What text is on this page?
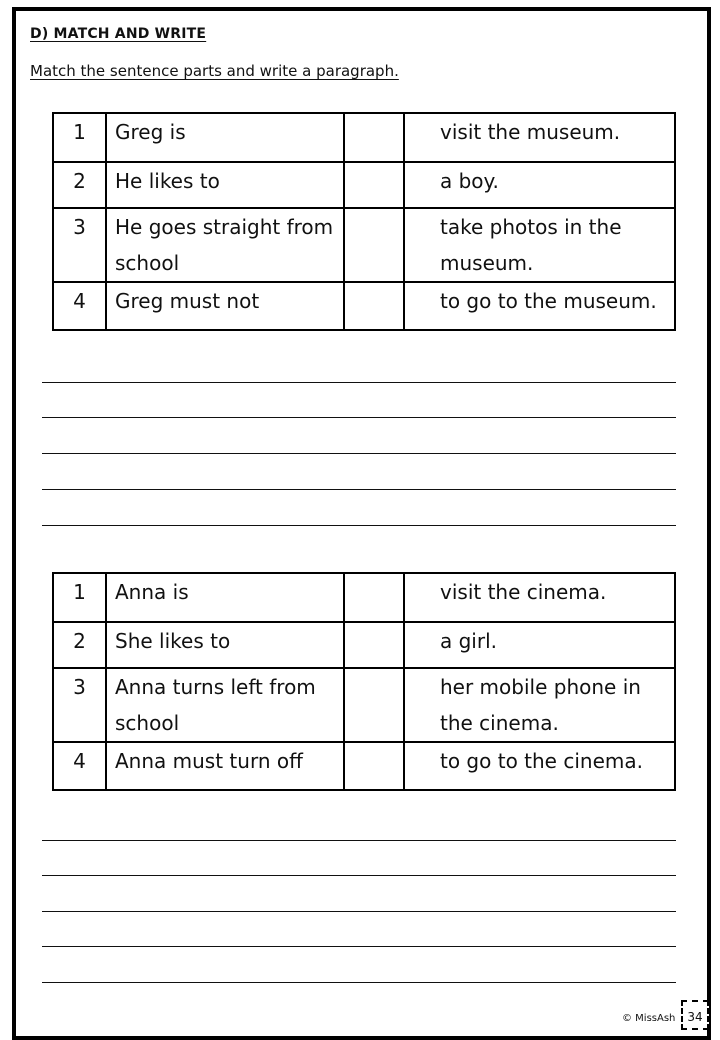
D) MATCH AND WRITE
Match the sentence parts and write a paragraph.
1	Greg is		visit the museum.
2	He likes to		a boy.
3	He goes straight from school		take photos in the museum.
4	Greg must not		to go to the museum.
1	Anna is		visit the cinema.
2	She likes to		a girl.
3	Anna turns left from school		her mobile phone in the cinema.
4	Anna must turn off		to go to the cinema.
© MissAsh 34
